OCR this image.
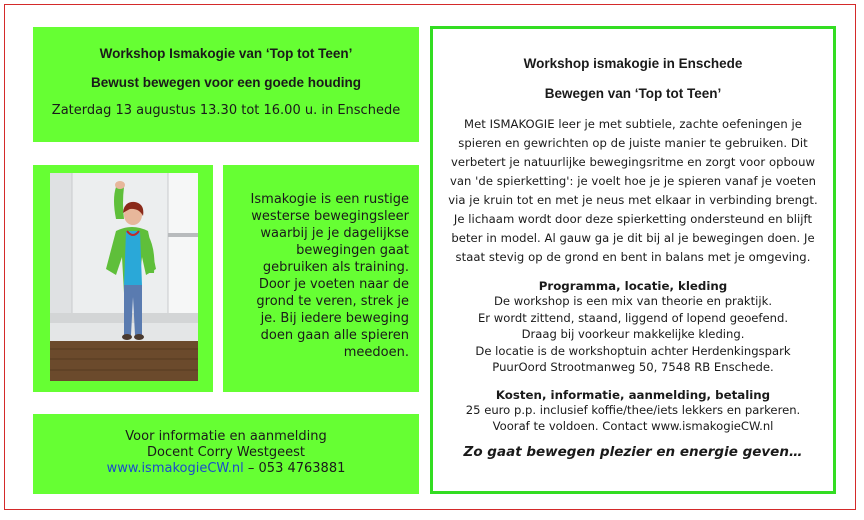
Workshop Ismakogie van ‘Top tot Teen’
Bewust bewegen voor een goede houding
Zaterdag 13 augustus 13.30 tot 16.00 u. in Enschede
Ismakogie is een rustige westerse bewegingsleer waarbij je je dagelijkse bewegingen gaat gebruiken als training. Door je voeten naar de grond te veren, strek je je. Bij iedere beweging doen gaan alle spieren meedoen.
Voor informatie en aanmelding
Docent Corry Westgeest
www.ismakogieCW.nl – 053 4763881
Workshop ismakogie in Enschede
Bewegen van ‘Top tot Teen’
Met ISMAKOGIE leer je met subtiele, zachte oefeningen je spieren en gewrichten op de juiste manier te gebruiken. Dit verbetert je natuurlijke bewegingsritme en zorgt voor opbouw van 'de spierketting': je voelt hoe je je spieren vanaf je voeten via je kruin tot en met je neus met elkaar in verbinding brengt. Je lichaam wordt door deze spierketting ondersteund en blijft beter in model. Al gauw ga je dit bij al je bewegingen doen. Je staat stevig op de grond en bent in balans met je omgeving.
Programma, locatie, kleding
De workshop is een mix van theorie en praktijk.
Er wordt zittend, staand, liggend of lopend geoefend.
Draag bij voorkeur makkelijke kleding.
De locatie is de workshoptuin achter Herdenkingspark
PuurOord Strootmanweg 50, 7548 RB Enschede.
Kosten, informatie, aanmelding, betaling
25 euro p.p. inclusief koffie/thee/iets lekkers en parkeren.
Vooraf te voldoen. Contact www.ismakogieCW.nl
Zo gaat bewegen plezier en energie geven…
